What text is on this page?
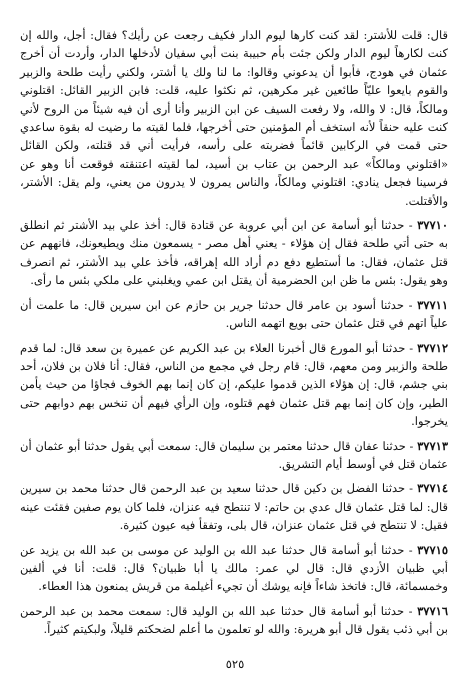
قال: قلت للأشتر: لقد كنت كارها ليوم الدار فكيف رجعت عن رأيك؟ فقال: أجل، والله إن كنت لكارهاً ليوم الدار ولكن جئت بأم حبيبة بنت أبي سفيان لأدخلها الدار، وأردت أن أخرج عثمان في هودج، فأبوا أن يدعوني وقالوا: ما لنا ولك يا أشتر، ولكني رأيت طلحة والزبير والقوم بايعوا عليّاً طائعين غير مكرهين، ثم نكثوا عليه، قلت: فابن الزبير القائل: اقتلوني ومالكاً، قال: لا والله، ولا رفعت السيف عن ابن الزبير وأنا أرى أن فيه شيئاً من الروح لأني كنت عليه حنقاً لأنه استخف أم المؤمنين حتى أخرجها، فلما لقيته ما رضيت له بقوة ساعدي حتى قمت في الركابين قائماً فضربته على رأسه، فرأيت أني قد قتلته، ولكن القائل «اقتلوني ومالكاً» عبد الرحمن بن عتاب بن أسيد، لما لقيته اعتنقته فوقعت أنا وهو عن فرسينا فجعل ينادي: اقتلوني ومالكاً، والناس يمرون لا يدرون من يعني، ولم يقل: الأشتر، والأقتلت.

٣٧٧١٠ - حدثنا أبو أسامة عن ابن أبي عروبة عن قتادة قال: أخذ علي بيد الأشتر ثم انطلق به حتى أتي طلحة فقال إن هؤلاء - يعني أهل مصر - يسمعون منك ويطيعونك، فانههم عن قتل عثمان، فقال: ما أستطيع دفع دم أراد الله إهراقه، فأخذ علي بيد الأشتر، ثم انصرف وهو يقول: بئس ما ظن ابن الحضرمية أن يقتل ابن عمي ويغلبني على ملكي بئس ما رأى.

٣٧٧١١ - حدثنا أسود بن عامر قال حدثنا جرير بن حازم عن ابن سيرين قال: ما علمت أن علياً اتهم في قتل عثمان حتى بويع اتهمه الناس.

٣٧٧١٢ - حدثنا أبو المورع قال أخبرنا العلاء بن عبد الكريم عن عميرة بن سعد قال: لما قدم طلحة والزبير ومن معهم، قال: قام رجل في مجمع من الناس، فقال: أنا فلان بن فلان، أحد بني جشم، قال: إن هؤلاء الذين قدموا عليكم، إن كان إنما بهم الخوف فجاؤا من حيث يأمن الطير، وإن كان إنما بهم قتل عثمان فهم قتلوه، وإن الرأي فيهم أن تنخس بهم دوابهم حتى يخرجوا.

٣٧٧١٣ - حدثنا عفان قال حدثنا معتمر بن سليمان قال: سمعت أبي يقول حدثنا أبو عثمان أن عثمان قتل في أوسط أيام التشريق.

٣٧٧١٤ - حدثنا الفضل بن دكين قال حدثنا سعيد بن عبد الرحمن قال حدثنا محمد بن سيرين قال: لما قتل عثمان قال عدي بن حاتم: لا تنتطح فيه عنزان، فلما كان يوم صفين فقئت عينه فقيل: لا تنتطح في قتل عثمان عنزان، قال بلى، وتفقأ فيه عيون كثيرة.

٣٧٧١٥ - حدثنا أبو أسامة قال حدثنا عبد الله بن الوليد عن موسى بن عبد الله بن يزيد عن أبي ظبيان الأزدي قال: قال لي عمر: مالك يا أبا ظبيان؟ قال: قلت: أنا في ألفين وخمسمائة، قال: فاتخذ شاءاً فإنه يوشك أن تجيء أغيلمة من قريش يمنعون هذا العطاء.

٣٧٧١٦ - حدثنا أبو أسامة قال حدثنا عبد الله بن الوليد قال: سمعت محمد بن عبد الرحمن بن أبي ذئب يقول قال أبو هريرة: والله لو تعلمون ما أعلم لضحكتم قليلاً، ولبكيتم كثيراً.

٥٢٥
